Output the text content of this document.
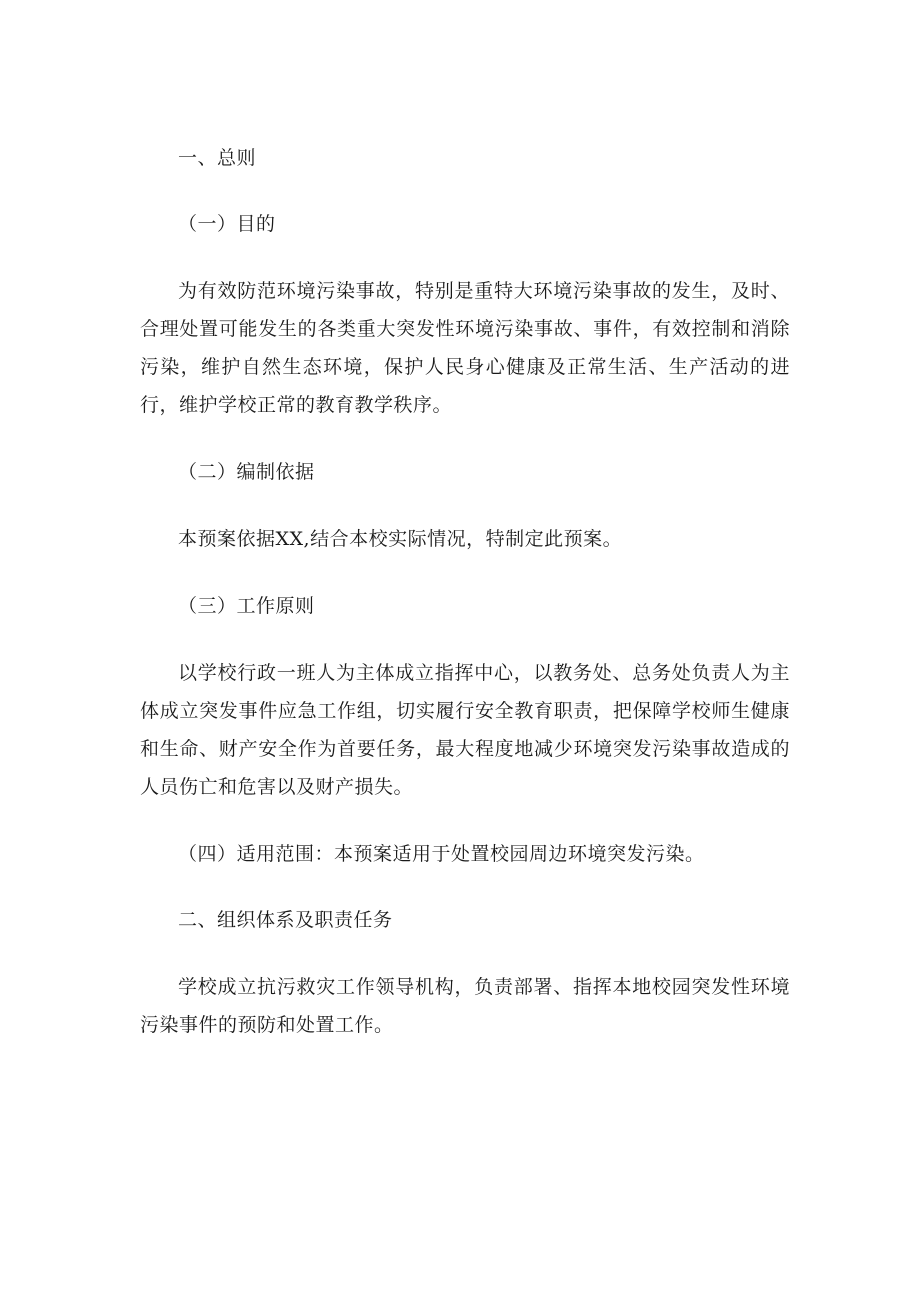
一、总则
（一）目的
为有效防范环境污染事故，特别是重特大环境污染事故的发生，及时、合理处置可能发生的各类重大突发性环境污染事故、事件，有效控制和消除污染，维护自然生态环境，保护人民身心健康及正常生活、生产活动的进行，维护学校正常的教育教学秩序。
（二）编制依据
本预案依据XX,结合本校实际情况，特制定此预案。
（三）工作原则
以学校行政一班人为主体成立指挥中心，以教务处、总务处负责人为主体成立突发事件应急工作组，切实履行安全教育职责，把保障学校师生健康和生命、财产安全作为首要任务，最大程度地减少环境突发污染事故造成的人员伤亡和危害以及财产损失。
（四）适用范围：本预案适用于处置校园周边环境突发污染。
二、组织体系及职责任务
学校成立抗污救灾工作领导机构，负责部署、指挥本地校园突发性环境污染事件的预防和处置工作。
